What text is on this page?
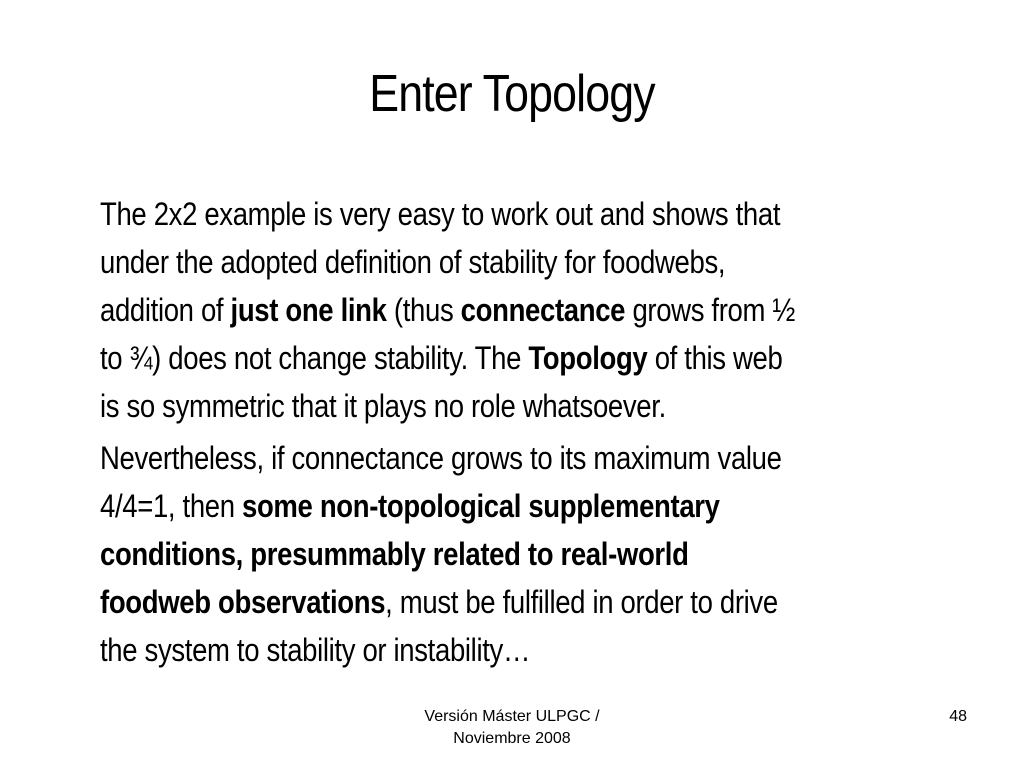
Enter Topology

The 2x2 example is very easy to work out and shows that
under the adopted definition of stability for foodwebs,
addition of just one link (thus connectance grows from ½
to ¾) does not change stability. The Topology of this web
is so symmetric that it plays no role whatsoever.

Nevertheless, if connectance grows to its maximum value
4/4=1, then some non-topological supplementary
conditions, presummably related to real-world
foodweb observations, must be fulfilled in order to drive
the system to stability or instability…

Versión Máster ULPGC /
Noviembre 2008
48
